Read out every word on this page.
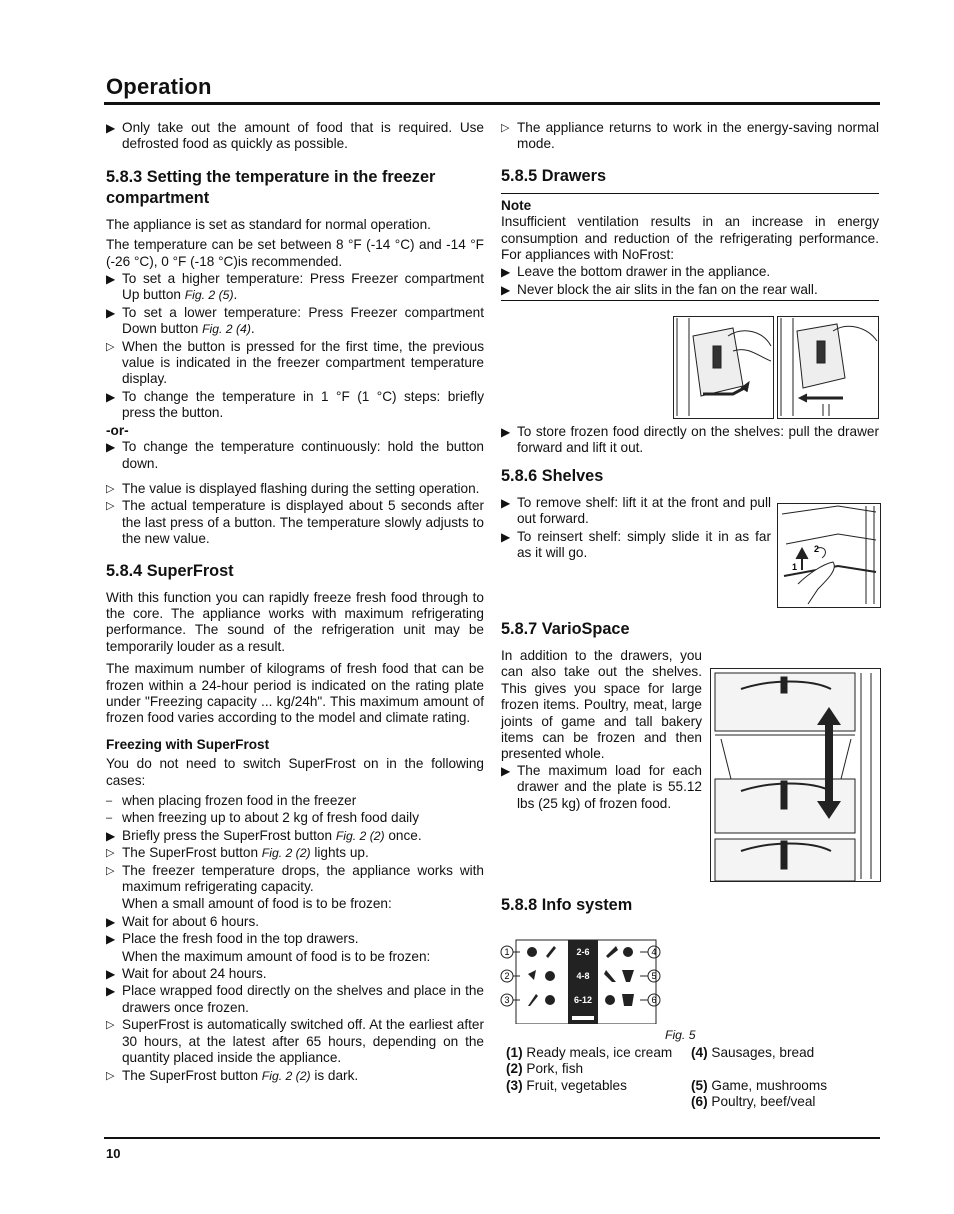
Operation
▶ Only take out the amount of food that is required. Use defrosted food as quickly as possible.
5.8.3 Setting the temperature in the freezer compartment

The appliance is set as standard for normal operation.

The temperature can be set between 8 °F (-14 °C) and -14 °F (-26 °C), 0 °F (-18 °C)is recommended.

▶ To set a higher temperature: Press Freezer compartment Up button Fig. 2 (5).
▶ To set a lower temperature: Press Freezer compartment Down button Fig. 2 (4).
▷ When the button is pressed for the first time, the previous value is indicated in the freezer compartment temperature display.
▶ To change the temperature in 1 °F (1 °C) steps: briefly press the button.
-or-
▶ To change the temperature continuously: hold the button down.
▷ The value is displayed flashing during the setting operation.
▷ The actual temperature is displayed about 5 seconds after the last press of a button. The temperature slowly adjusts to the new value.
5.8.4 SuperFrost

With this function you can rapidly freeze fresh food through to the core. The appliance works with maximum refrigerating performance. The sound of the refrigeration unit may be temporarily louder as a result.

The maximum number of kilograms of fresh food that can be frozen within a 24-hour period is indicated on the rating plate under "Freezing capacity ... kg/24h". This maximum amount of frozen food varies according to the model and climate rating.

Freezing with SuperFrost

You do not need to switch SuperFrost on in the following cases:

– when placing frozen food in the freezer
– when freezing up to about 2 kg of fresh food daily
▶ Briefly press the SuperFrost button Fig. 2 (2) once.
▷ The SuperFrost button Fig. 2 (2) lights up.
▷ The freezer temperature drops, the appliance works with maximum refrigerating capacity.
When a small amount of food is to be frozen:
▶ Wait for about 6 hours.
▶ Place the fresh food in the top drawers.
When the maximum amount of food is to be frozen:
▶ Wait for about 24 hours.
▶ Place wrapped food directly on the shelves and place in the drawers once frozen.
▷ SuperFrost is automatically switched off. At the earliest after 30 hours, at the latest after 65 hours, depending on the quantity placed inside the appliance.
▷ The SuperFrost button Fig. 2 (2) is dark.
▷ The appliance returns to work in the energy-saving normal mode.
5.8.5 Drawers
Note

Insufficient ventilation results in an increase in energy consumption and reduction of the refrigerating performance. For appliances with NoFrost:

▶ Leave the bottom drawer in the appliance.
▶ Never block the air slits in the fan on the rear wall.
▶ To store frozen food directly on the shelves: pull the drawer forward and lift it out.
5.8.6 Shelves
▶ To remove shelf: lift it at the front and pull out forward.
▶ To reinsert shelf: simply slide it in as far as it will go.
1
2
5.8.7 VarioSpace

In addition to the drawers, you can also take out the shelves. This gives you space for large frozen items. Poultry, meat, large joints of game and tall bakery items can be frozen and then presented whole.

▶ The maximum load for each drawer and the plate is 55.12 lbs (25 kg) of frozen food.
5.8.8 Info system
1
2
3
4
5
6
2-6
4-8
6-12
Fig. 5
(1) Ready meals, ice cream
(2) Pork, fish
(3) Fruit, vegetables
(4) Sausages, bread
(5) Game, mushrooms
(6) Poultry, beef/veal
10
